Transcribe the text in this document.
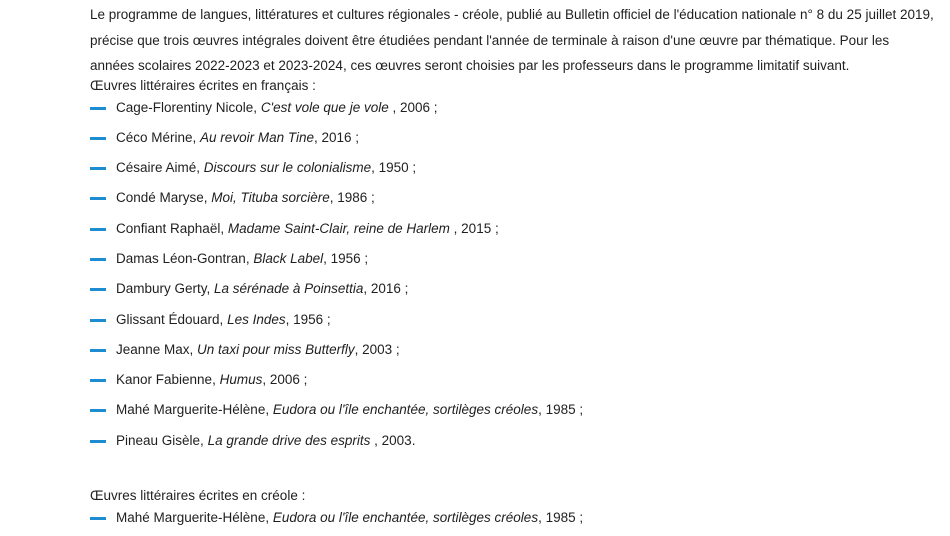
Le programme de langues, littératures et cultures régionales - créole, publié au Bulletin officiel de l'éducation nationale n° 8 du 25 juillet 2019, précise que trois œuvres intégrales doivent être étudiées pendant l'année de terminale à raison d'une œuvre par thématique. Pour les années scolaires 2022-2023 et 2023-2024, ces œuvres seront choisies par les professeurs dans le programme limitatif suivant.

Œuvres littéraires écrites en français :

Cage-Florentiny Nicole, C'est vole que je vole , 2006 ;
Céco Mérine, Au revoir Man Tine, 2016 ;
Césaire Aimé, Discours sur le colonialisme, 1950 ;
Condé Maryse, Moi, Tituba sorcière, 1986 ;
Confiant Raphaël, Madame Saint-Clair, reine de Harlem , 2015 ;
Damas Léon-Gontran, Black Label, 1956 ;
Dambury Gerty, La sérénade à Poinsettia, 2016 ;
Glissant Édouard, Les Indes, 1956 ;
Jeanne Max, Un taxi pour miss Butterfly, 2003 ;
Kanor Fabienne, Humus, 2006 ;
Mahé Marguerite-Hélène, Eudora ou l'île enchantée, sortilèges créoles, 1985 ;
Pineau Gisèle, La grande drive des esprits , 2003.

Œuvres littéraires écrites en créole :

Mahé Marguerite-Hélène, Eudora ou l'île enchantée, sortilèges créoles, 1985 ;
